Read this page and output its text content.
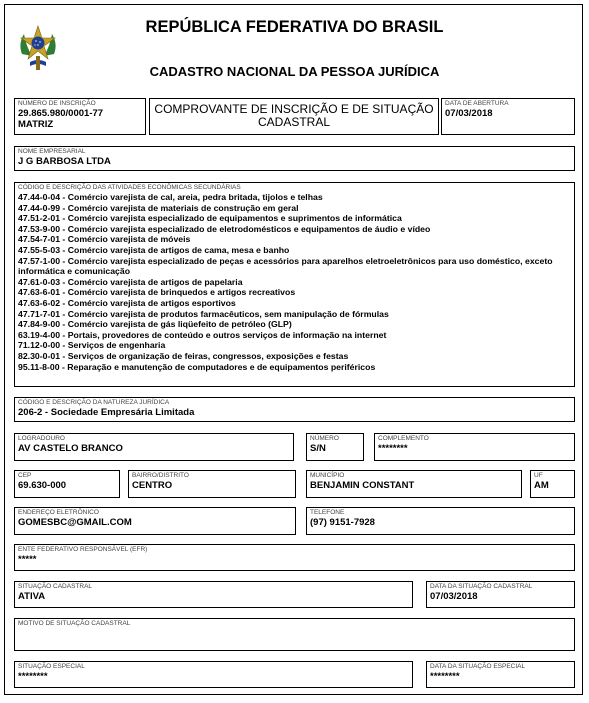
REPÚBLICA FEDERATIVA DO BRASIL
CADASTRO NACIONAL DA PESSOA JURÍDICA
NÚMERO DE INSCRIÇÃO
29.865.980/0001-77
MATRIZ
COMPROVANTE DE INSCRIÇÃO E DE SITUAÇÃO CADASTRAL
DATA DE ABERTURA
07/03/2018
NOME EMPRESARIAL
J G BARBOSA LTDA
CÓDIGO E DESCRIÇÃO DAS ATIVIDADES ECONÔMICAS SECUNDÁRIAS
47.44-0-04 - Comércio varejista de cal, areia, pedra britada, tijolos e telhas
47.44-0-99 - Comércio varejista de materiais de construção em geral
47.51-2-01 - Comércio varejista especializado de equipamentos e suprimentos de informática
47.53-9-00 - Comércio varejista especializado de eletrodomésticos e equipamentos de áudio e vídeo
47.54-7-01 - Comércio varejista de móveis
47.55-5-03 - Comércio varejista de artigos de cama, mesa e banho
47.57-1-00 - Comércio varejista especializado de peças e acessórios para aparelhos eletroeletrônicos para uso doméstico, exceto informática e comunicação
47.61-0-03 - Comércio varejista de artigos de papelaria
47.63-6-01 - Comércio varejista de brinquedos e artigos recreativos
47.63-6-02 - Comércio varejista de artigos esportivos
47.71-7-01 - Comércio varejista de produtos farmacêuticos, sem manipulação de fórmulas
47.84-9-00 - Comércio varejista de gás liqüefeito de petróleo (GLP)
63.19-4-00 - Portais, provedores de conteúdo e outros serviços de informação na internet
71.12-0-00 - Serviços de engenharia
82.30-0-01 - Serviços de organização de feiras, congressos, exposições e festas
95.11-8-00 - Reparação e manutenção de computadores e de equipamentos periféricos
CÓDIGO E DESCRIÇÃO DA NATUREZA JURÍDICA
206-2 - Sociedade Empresária Limitada
LOGRADOURO
AV CASTELO BRANCO
NÚMERO
S/N
COMPLEMENTO
********
CEP
69.630-000
BAIRRO/DISTRITO
CENTRO
MUNICÍPIO
BENJAMIN CONSTANT
UF
AM
ENDEREÇO ELETRÔNICO
GOMESBC@GMAIL.COM
TELEFONE
(97) 9151-7928
ENTE FEDERATIVO RESPONSÁVEL (EFR)
*****
SITUAÇÃO CADASTRAL
ATIVA
DATA DA SITUAÇÃO CADASTRAL
07/03/2018
MOTIVO DE SITUAÇÃO CADASTRAL
SITUAÇÃO ESPECIAL
********
DATA DA SITUAÇÃO ESPECIAL
********
